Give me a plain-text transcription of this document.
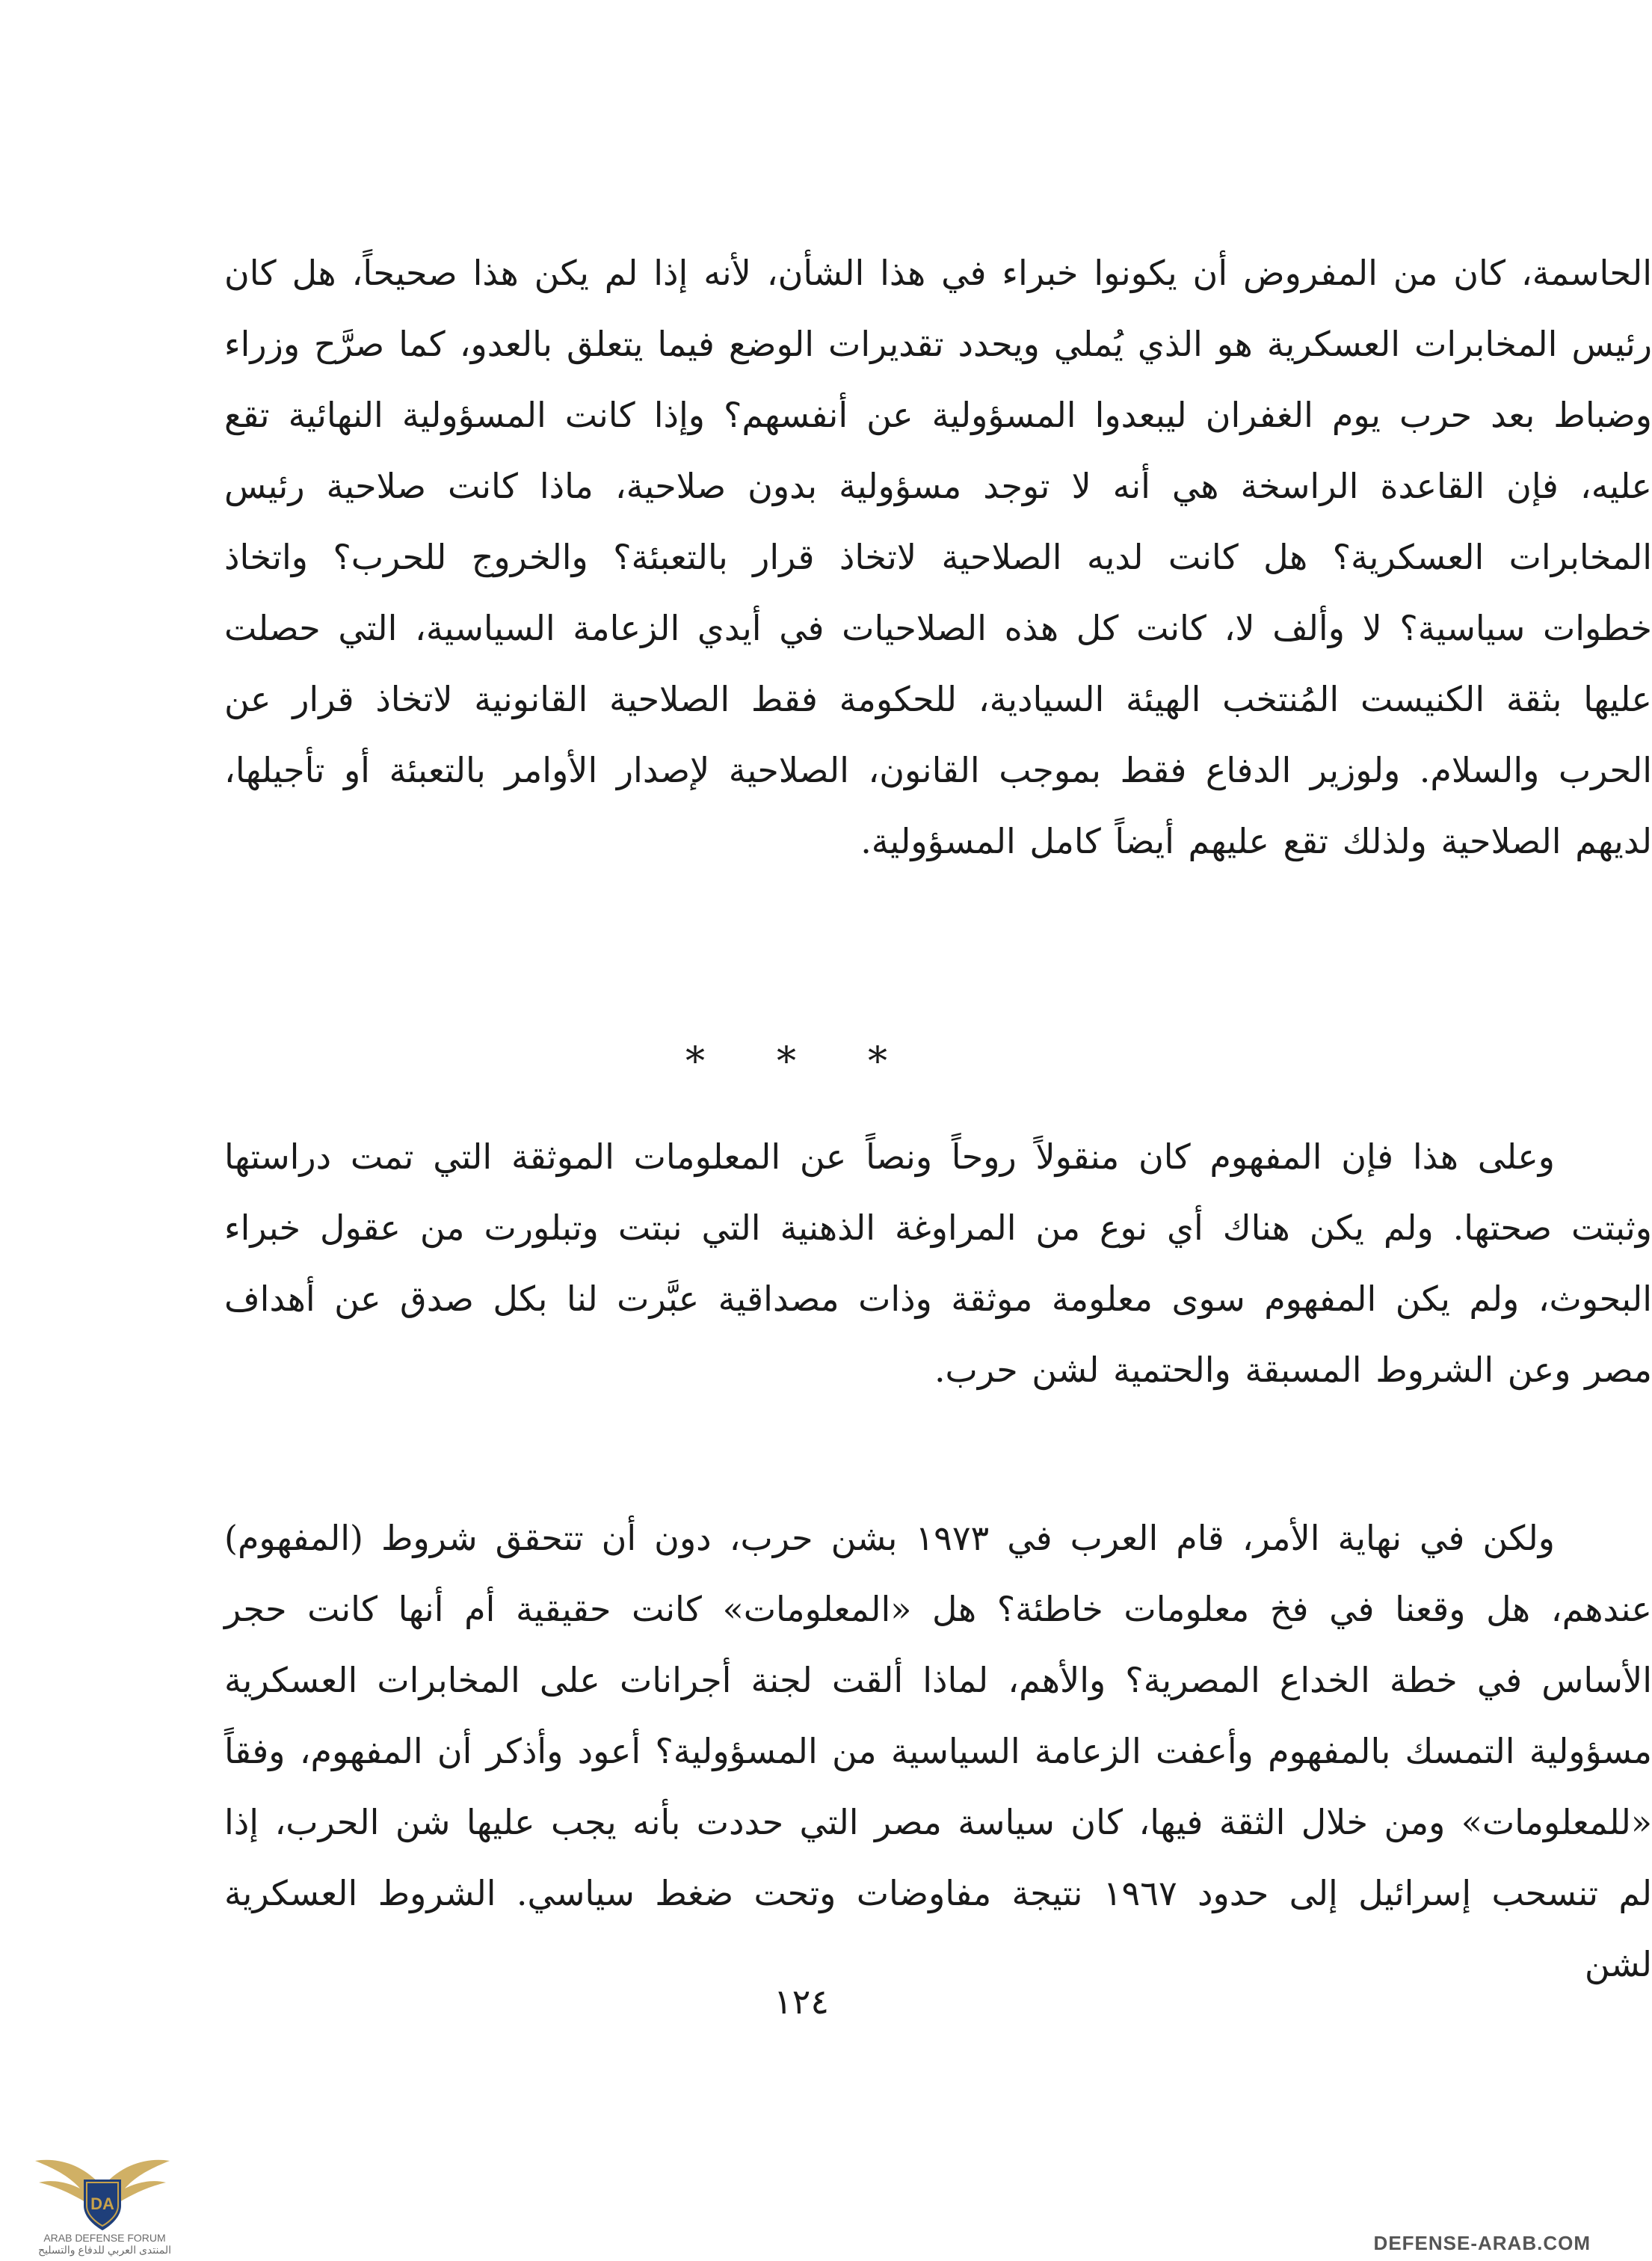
الحاسمة، كان من المفروض أن يكونوا خبراء في هذا الشأن، لأنه إذا لم يكن هذا صحيحاً، هل كان رئيس المخابرات العسكرية هو الذي يُملي ويحدد تقديرات الوضع فيما يتعلق بالعدو، كما صرَّح وزراء وضباط بعد حرب يوم الغفران ليبعدوا المسؤولية عن أنفسهم؟ وإذا كانت المسؤولية النهائية تقع عليه، فإن القاعدة الراسخة هي أنه لا توجد مسؤولية بدون صلاحية، ماذا كانت صلاحية رئيس المخابرات العسكرية؟ هل كانت لديه الصلاحية لاتخاذ قرار بالتعبئة؟ والخروج للحرب؟ واتخاذ خطوات سياسية؟ لا وألف لا، كانت كل هذه الصلاحيات في أيدي الزعامة السياسية، التي حصلت عليها بثقة الكنيست المُنتخب الهيئة السيادية، للحكومة فقط الصلاحية القانونية لاتخاذ قرار عن الحرب والسلام. ولوزير الدفاع فقط بموجب القانون، الصلاحية لإصدار الأوامر بالتعبئة أو تأجيلها، لديهم الصلاحية ولذلك تقع عليهم أيضاً كامل المسؤولية.

* * *

وعلى هذا فإن المفهوم كان منقولاً روحاً ونصاً عن المعلومات الموثقة التي تمت دراستها وثبتت صحتها. ولم يكن هناك أي نوع من المراوغة الذهنية التي نبتت وتبلورت من عقول خبراء البحوث، ولم يكن المفهوم سوى معلومة موثقة وذات مصداقية عبَّرت لنا بكل صدق عن أهداف مصر وعن الشروط المسبقة والحتمية لشن حرب.

ولكن في نهاية الأمر، قام العرب في ١٩٧٣ بشن حرب، دون أن تتحقق شروط (المفهوم) عندهم، هل وقعنا في فخ معلومات خاطئة؟ هل «المعلومات» كانت حقيقية أم أنها كانت حجر الأساس في خطة الخداع المصرية؟ والأهم، لماذا ألقت لجنة أجرانات على المخابرات العسكرية مسؤولية التمسك بالمفهوم وأعفت الزعامة السياسية من المسؤولية؟ أعود وأذكر أن المفهوم، وفقاً «للمعلومات» ومن خلال الثقة فيها، كان سياسة مصر التي حددت بأنه يجب عليها شن الحرب، إذا لم تنسحب إسرائيل إلى حدود ١٩٦٧ نتيجة مفاوضات وتحت ضغط سياسي. الشروط العسكرية لشن

١٢٤
DA
ARAB DEFENSE FORUM
المنتدى العربي للدفاع والتسليح	DEFENSE-ARAB.COM
